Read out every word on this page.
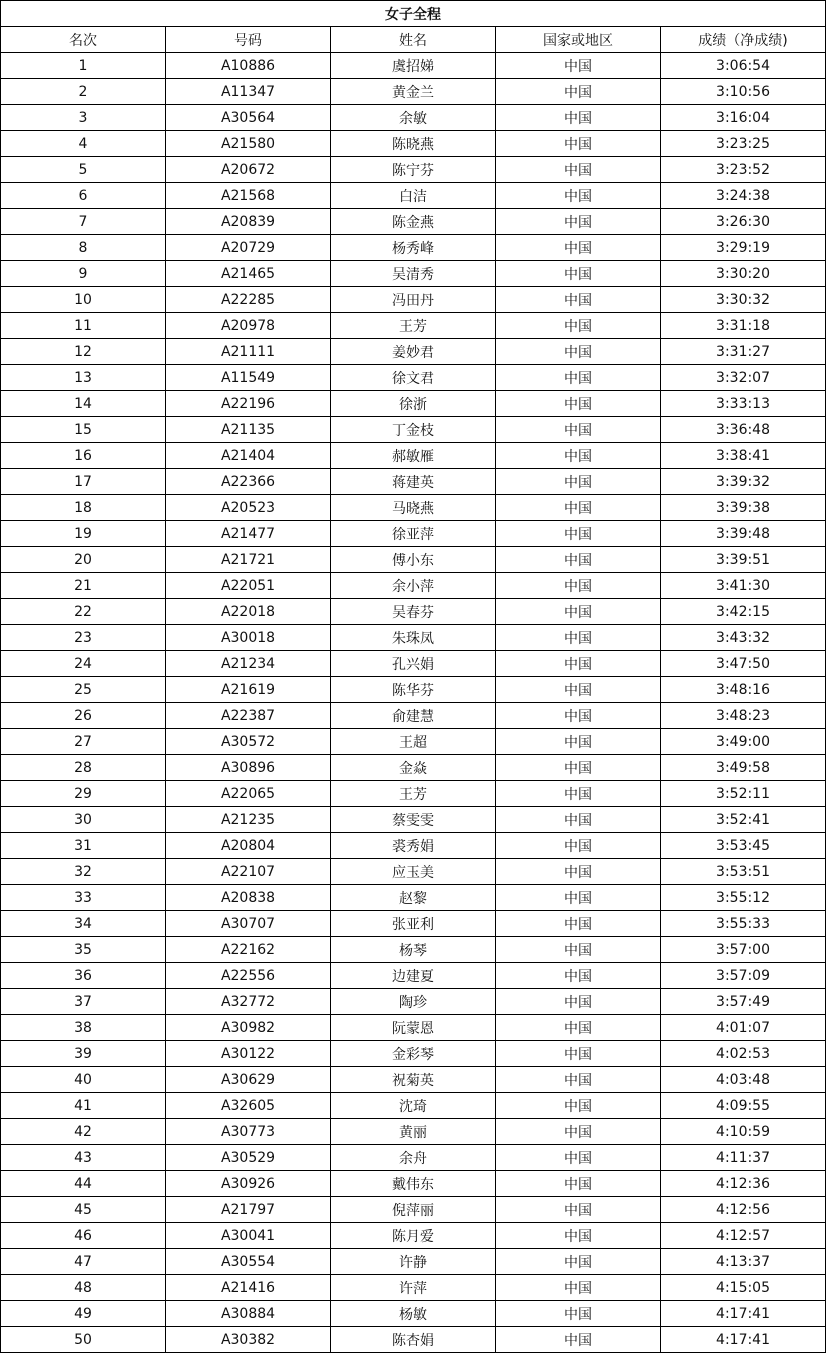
女子全程				
名次	号码	姓名	国家或地区	成绩（净成绩)
1	A10886	虞招娣	中国	3:06:54
2	A11347	黄金兰	中国	3:10:56
3	A30564	余敏	中国	3:16:04
4	A21580	陈晓燕	中国	3:23:25
5	A20672	陈宁芬	中国	3:23:52
6	A21568	白洁	中国	3:24:38
7	A20839	陈金燕	中国	3:26:30
8	A20729	杨秀峰	中国	3:29:19
9	A21465	吴清秀	中国	3:30:20
10	A22285	冯田丹	中国	3:30:32
11	A20978	王芳	中国	3:31:18
12	A21111	姜妙君	中国	3:31:27
13	A11549	徐文君	中国	3:32:07
14	A22196	徐浙	中国	3:33:13
15	A21135	丁金枝	中国	3:36:48
16	A21404	郝敏雁	中国	3:38:41
17	A22366	蒋建英	中国	3:39:32
18	A20523	马晓燕	中国	3:39:38
19	A21477	徐亚萍	中国	3:39:48
20	A21721	傅小东	中国	3:39:51
21	A22051	余小萍	中国	3:41:30
22	A22018	吴春芬	中国	3:42:15
23	A30018	朱珠凤	中国	3:43:32
24	A21234	孔兴娟	中国	3:47:50
25	A21619	陈华芬	中国	3:48:16
26	A22387	俞建慧	中国	3:48:23
27	A30572	王超	中国	3:49:00
28	A30896	金焱	中国	3:49:58
29	A22065	王芳	中国	3:52:11
30	A21235	蔡雯雯	中国	3:52:41
31	A20804	裘秀娟	中国	3:53:45
32	A22107	应玉美	中国	3:53:51
33	A20838	赵黎	中国	3:55:12
34	A30707	张亚利	中国	3:55:33
35	A22162	杨琴	中国	3:57:00
36	A22556	边建夏	中国	3:57:09
37	A32772	陶珍	中国	3:57:49
38	A30982	阮蒙恩	中国	4:01:07
39	A30122	金彩琴	中国	4:02:53
40	A30629	祝菊英	中国	4:03:48
41	A32605	沈琦	中国	4:09:55
42	A30773	黄丽	中国	4:10:59
43	A30529	余舟	中国	4:11:37
44	A30926	戴伟东	中国	4:12:36
45	A21797	倪萍丽	中国	4:12:56
46	A30041	陈月爱	中国	4:12:57
47	A30554	许静	中国	4:13:37
48	A21416	许萍	中国	4:15:05
49	A30884	杨敏	中国	4:17:41
50	A30382	陈杏娟	中国	4:17:41
